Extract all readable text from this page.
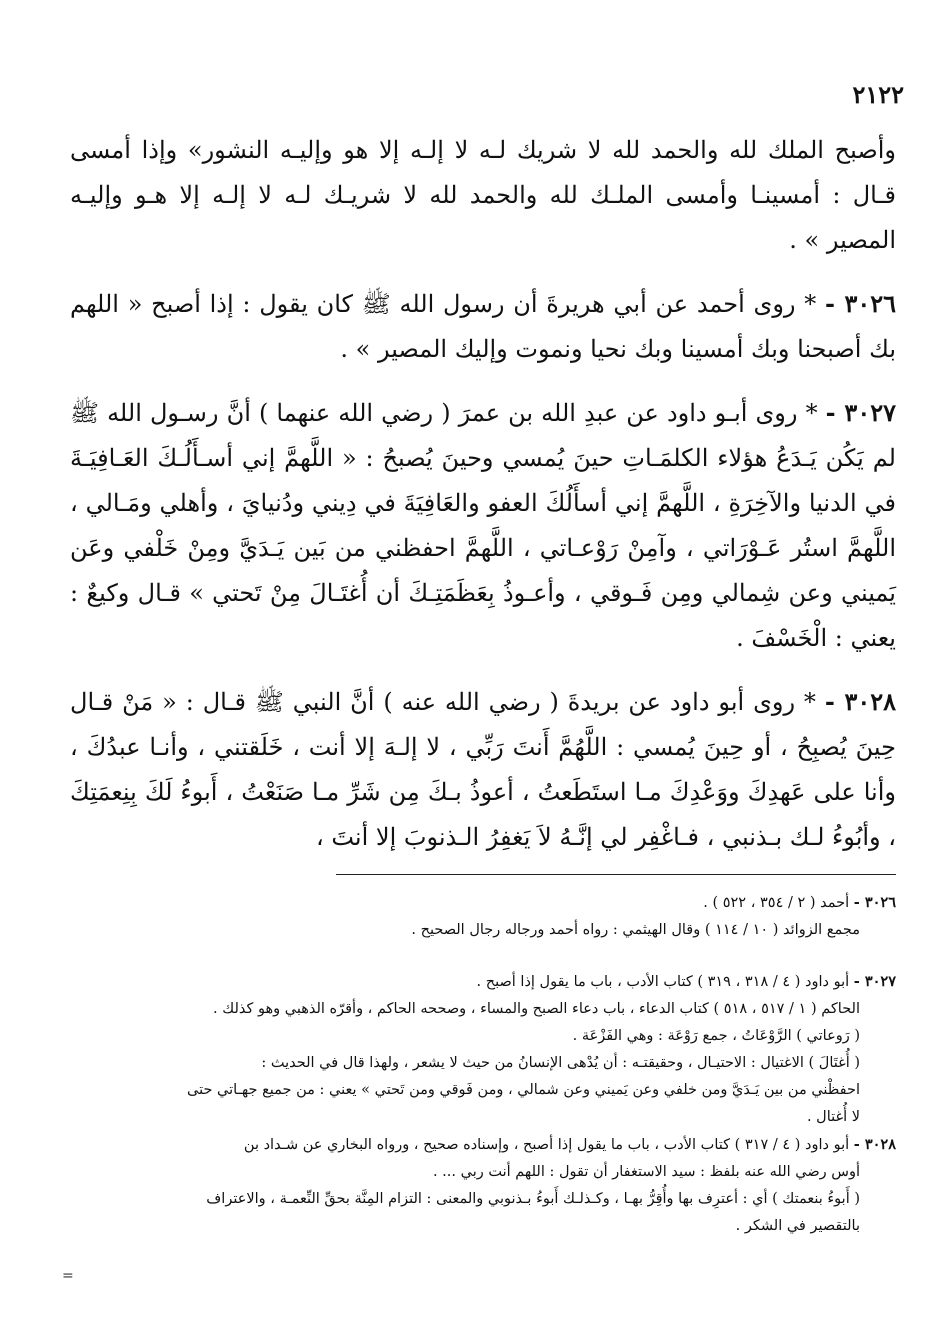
٢١٢٢

وأصبح الملك لله والحمد لله لا شريك لـه لا إلـه إلا هو وإليـه النشور» وإذا أمسى قـال : أمسينـا وأمسى الملـك لله والحمد لله لا شريـك لـه لا إلـه إلا هـو وإليـه المصير » .

٣٠٢٦ - * روى أحمد عن أبي هريرةَ أن رسول الله ﷺ كان يقول : إذا أصبح « اللهم بك أصبحنا وبك أمسينا وبك نحيا ونموت وإليك المصير » .

٣٠٢٧ - * روى أبـو داود عن عبدِ الله بن عمرَ ( رضي الله عنهما ) أنَّ رسـول الله ﷺ لم يَكُن يَـدَعُ هؤلاء الكلمَـاتِ حينَ يُمسي وحينَ يُصبحُ : « اللَّهمَّ إني أسـأَلُـكَ العَـافِيَـةَ في الدنيا والآخِرَةِ ، اللَّهمَّ إني أسأَلُكَ العفو والعَافِيَةَ في دِيني ودُنيايَ ، وأهلي ومَـالي ، اللَّهمَّ استُر عَـوْرَاتي ، وآمِنْ رَوْعـاتي ، اللَّهمَّ احفظني من بَين يَـدَيَّ ومِنْ خَلْفي وعَن يَميني وعن شِمالي ومِن فَـوقي ، وأعـوذُ بِعَظَمَتِـكَ أن أُغتَـالَ مِنْ تَحتي » قـال وكيعٌ : يعني : الْخَسْفَ .

٣٠٢٨ - * روى أبو داود عن بريدةَ ( رضي الله عنه ) أنَّ النبي ﷺ قـال : « مَنْ قـال حِينَ يُصبِحُ ، أو حِينَ يُمسي : اللَّهُمَّ أَنتَ رَبِّي ، لا إلـهَ إلا أنت ، خَلَقتني ، وأنـا عبدُكَ ، وأنا على عَهدِكَ ووَعْدِكَ مـا استَطَعتُ ، أعوذُ بـكَ مِن شَرِّ مـا صَنَعْتُ ، أَبوءُ لَكَ بِنِعمَتِكَ ، وأبُوءُ لـك بـذنبي ، فـاغْفِر لي إنَّـهُ لاَ يَغفِرُ الـذنوبَ إلا أنتَ ،

٣٠٢٦ - أحمد ( ٢ / ٣٥٤ ، ٥٢٢ ) .

مجمع الزوائد ( ١٠ / ١١٤ ) وقال الهيثمي : رواه أحمد ورجاله رجال الصحيح .

٣٠٢٧ - أبو داود ( ٤ / ٣١٨ ، ٣١٩ ) كتاب الأدب ، باب ما يقول إذا أصبح .

الحاكم ( ١ / ٥١٧ ، ٥١٨ ) كتاب الدعاء ، باب دعاء الصبح والمساء ، وصححه الحاكم ، وأقرّه الذهبي وهو كذلك .

( رَوعاتي ) الرَّوْعَاتُ ، جمع رَوْعَة : وهي الفَزْعَة .

( أُغتَالَ ) الاغتيال : الاحتيـال ، وحقيقتـه : أن يُدْهى الإنسانُ من حيث لا يشعر ، ولهذا قال في الحديث :

احفظْني من بين يَـدَيَّ ومن خلفي وعن يَميني وعن شمالي ، ومن فَوقي ومن تَحتي » يعني : من جميع جهـاتي حتى

لا أُغتال .

٣٠٢٨ - أبو داود ( ٤ / ٣١٧ ) كتاب الأدب ، باب ما يقول إذا أصبح ، وإسناده صحيح ، ورواه البخاري عن شـداد بن

أوس رضي الله عنه بلفظ : سيد الاستغفار أن تقول : اللهم أنت ربي ... .

( أَبوءُ بنعمتك ) أي : أعترِف بها وأُقِرُّ بهـا ، وكـذلـك أَبوءُ بـذنوبي والمعنى : التزام المِنَّة بحقِّ النِّعمـة ، والاعتراف

بالتقصير في الشكر .

=
